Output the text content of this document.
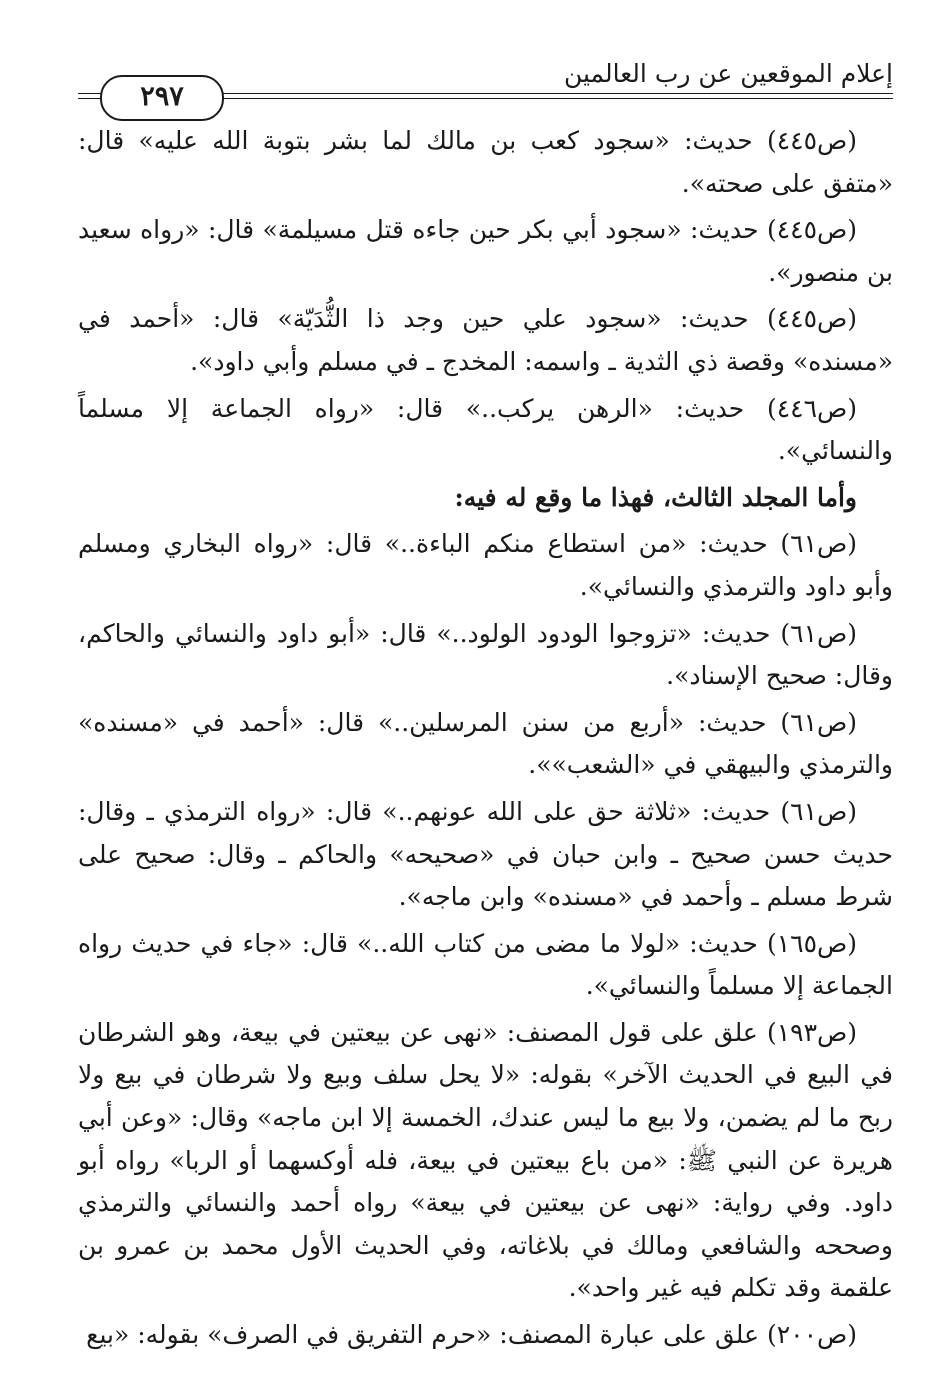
٢٩٧
إعلام الموقعين عن رب العالمين

(ص٤٤٥) حديث: «سجود كعب بن مالك لما بشر بتوبة الله عليه» قال: «متفق على صحته».

(ص٤٤٥) حديث: «سجود أبي بكر حين جاءه قتل مسيلمة» قال: «رواه سعيد بن منصور».

(ص٤٤٥) حديث: «سجود علي حين وجد ذا الثُّدَيّة» قال: «أحمد في «مسنده» وقصة ذي الثدية ـ واسمه: المخدج ـ في مسلم وأبي داود».

(ص٤٤٦) حديث: «الرهن يركب..» قال: «رواه الجماعة إلا مسلماً والنسائي».

وأما المجلد الثالث، فهذا ما وقع له فيه:

(ص٦١) حديث: «من استطاع منكم الباءة..» قال: «رواه البخاري ومسلم وأبو داود والترمذي والنسائي».

(ص٦١) حديث: «تزوجوا الودود الولود..» قال: «أبو داود والنسائي والحاكم، وقال: صحيح الإسناد».

(ص٦١) حديث: «أربع من سنن المرسلين..» قال: «أحمد في «مسنده» والترمذي والبيهقي في «الشعب»».

(ص٦١) حديث: «ثلاثة حق على الله عونهم..» قال: «رواه الترمذي ـ وقال: حديث حسن صحيح ـ وابن حبان في «صحيحه» والحاكم ـ وقال: صحيح على شرط مسلم ـ وأحمد في «مسنده» وابن ماجه».

(ص١٦٥) حديث: «لولا ما مضى من كتاب الله..» قال: «جاء في حديث رواه الجماعة إلا مسلماً والنسائي».

(ص١٩٣) علق على قول المصنف: «نهى عن بيعتين في بيعة، وهو الشرطان في البيع في الحديث الآخر» بقوله: «لا يحل سلف وبيع ولا شرطان في بيع ولا ربح ما لم يضمن، ولا بيع ما ليس عندك، الخمسة إلا ابن ماجه» وقال: «وعن أبي هريرة عن النبي ﷺ: «من باع بيعتين في بيعة، فله أوكسهما أو الربا» رواه أبو داود. وفي رواية: «نهى عن بيعتين في بيعة» رواه أحمد والنسائي والترمذي وصححه والشافعي ومالك في بلاغاته، وفي الحديث الأول محمد بن عمرو بن علقمة وقد تكلم فيه غير واحد».

(ص٢٠٠) علق على عبارة المصنف: «حرم التفريق في الصرف» بقوله: «بيع
